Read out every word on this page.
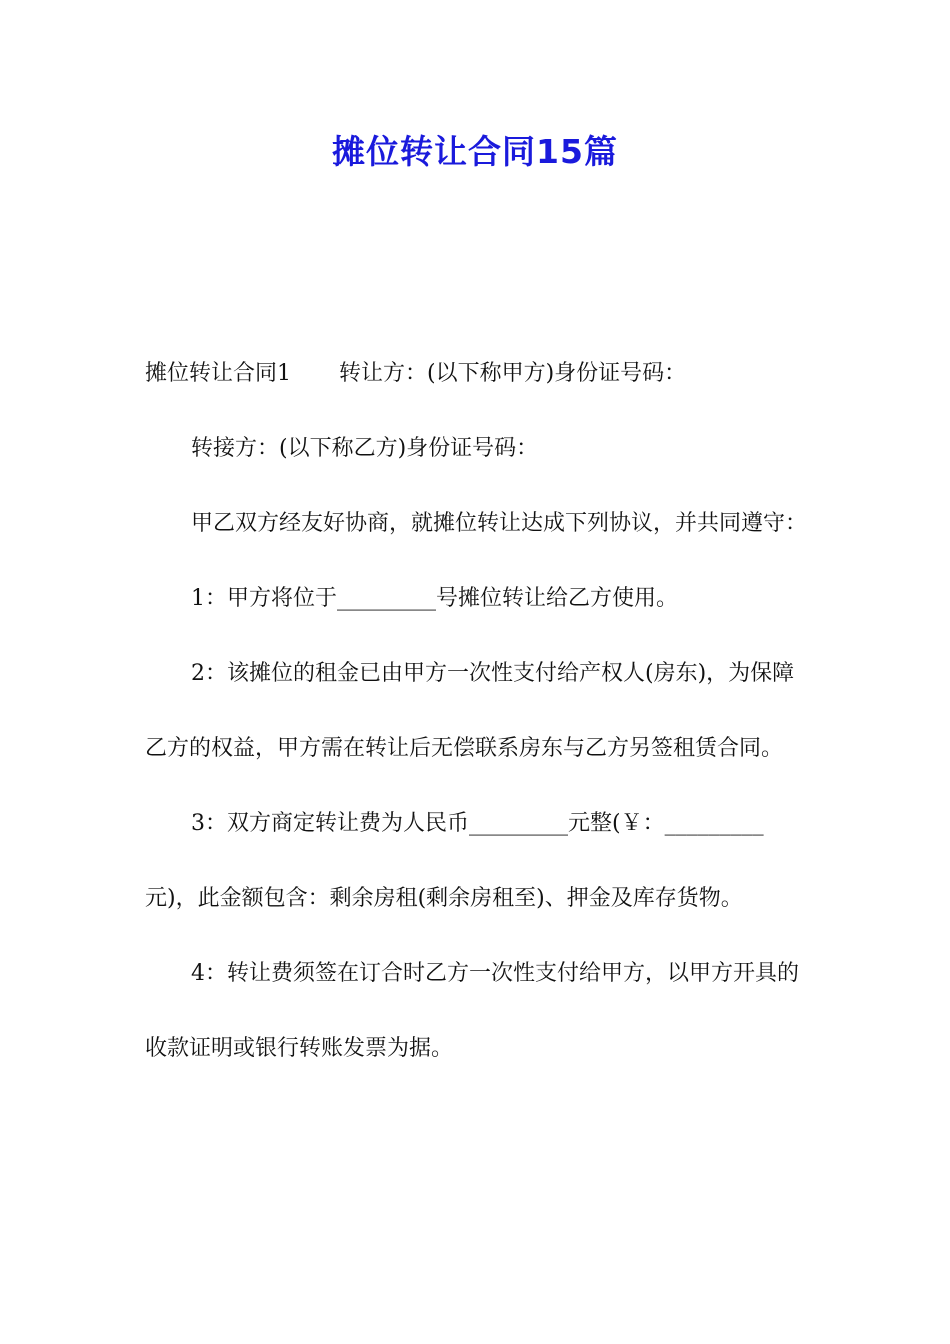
摊位转让合同15篇

摊位转让合同1 转让方：(以下称甲方)身份证号码：

转接方：(以下称乙方)身份证号码：

甲乙双方经友好协商，就摊位转让达成下列协议，并共同遵守：

1：甲方将位于_________号摊位转让给乙方使用。

2：该摊位的租金已由甲方一次性支付给产权人(房东)，为保障乙方的权益，甲方需在转让后无偿联系房东与乙方另签租赁合同。

3：双方商定转让费为人民币_________元整(￥：_________元)，此金额包含：剩余房租(剩余房租至)、押金及库存货物。

4：转让费须签在订合时乙方一次性支付给甲方，以甲方开具的收款证明或银行转账发票为据。
